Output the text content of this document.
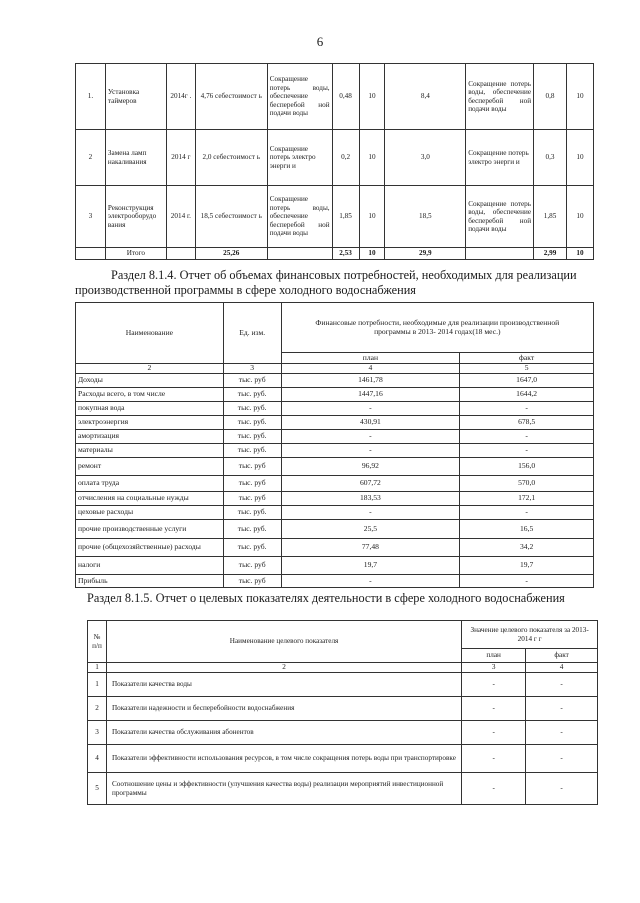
6
1.	Установка таймеров	2014г .	4,76 себестоимост ь	Сокращение потерь воды, обеспечение бесперебой ной подачи воды	0,48	10	8,4	Сокращение потерь воды, обеспечение бесперебой ной подачи воды	0,8	10
2	Замена ламп накаливания	2014 г	2,0 себестоимост ь	Сокращение потерь электро энерги и	0,2	10	3,0	Сокращение потерь электро энерги и	0,3	10
3	Реконструкция электрооборудо вания	2014 г.	18,5 себестоимост ь	Сокращение потерь воды, обеспечение бесперебой ной подачи воды	1,85	10	18,5	Сокращение потерь воды, обеспечение бесперебой ной подачи воды	1,85	10
	Итого		25,26		2,53	10	29,9		2,99	10
Раздел 8.1.4. Отчет об объемах финансовых потребностей, необходимых для реализации производственной программы в сфере холодного водоснабжения
Наименование	Ед. изм.	Финансовые потребности, необходимые для реализации производственной программы в 2013- 2014 годах(18 мес.)	
		план	факт
2	3	4	5
Доходы	тыс. руб	1461,78	1647,0
Расходы всего, в том числе	тыс. руб.	1447,16	1644,2
покупная вода	тыс. руб.	-	-
электроэнергия	тыс. руб.	430,91	678,5
амортизация	тыс. руб.	-	-
материалы	тыс. руб.	-	-
ремонт	тыс. руб	96,92	156,0
оплата труда	тыс. руб	607,72	570,0
отчисления на социальные нужды	тыс. руб	183,53	172,1
цеховые расходы	тыс. руб.	-	-
прочие производственные услуги	тыс. руб.	25,5	16,5
прочие (общехозяйственные) расходы	тыс. руб.	77,48	34,2
налоги	тыс. руб	19,7	19,7
Прибыль	тыс. руб	-	-
Раздел 8.1.5. Отчет о целевых показателях деятельности в сфере холодного водоснабжения
№ п/п	Наименование целевого показателя	Значение целевого показателя за 2013-2014 г г	
		план	факт
1	2	3	4
1	Показатели качества воды	-	-
2	Показатели надежности и бесперебойности водоснабжения	-	-
3	Показатели качества обслуживания абонентов	-	-
4	Показатели эффективности использования ресурсов, в том числе сокращения потерь воды при транспортировке	-	-
5	Соотношение цены и эффективности (улучшения качества воды) реализации мероприятий инвестиционной программы	-	-
